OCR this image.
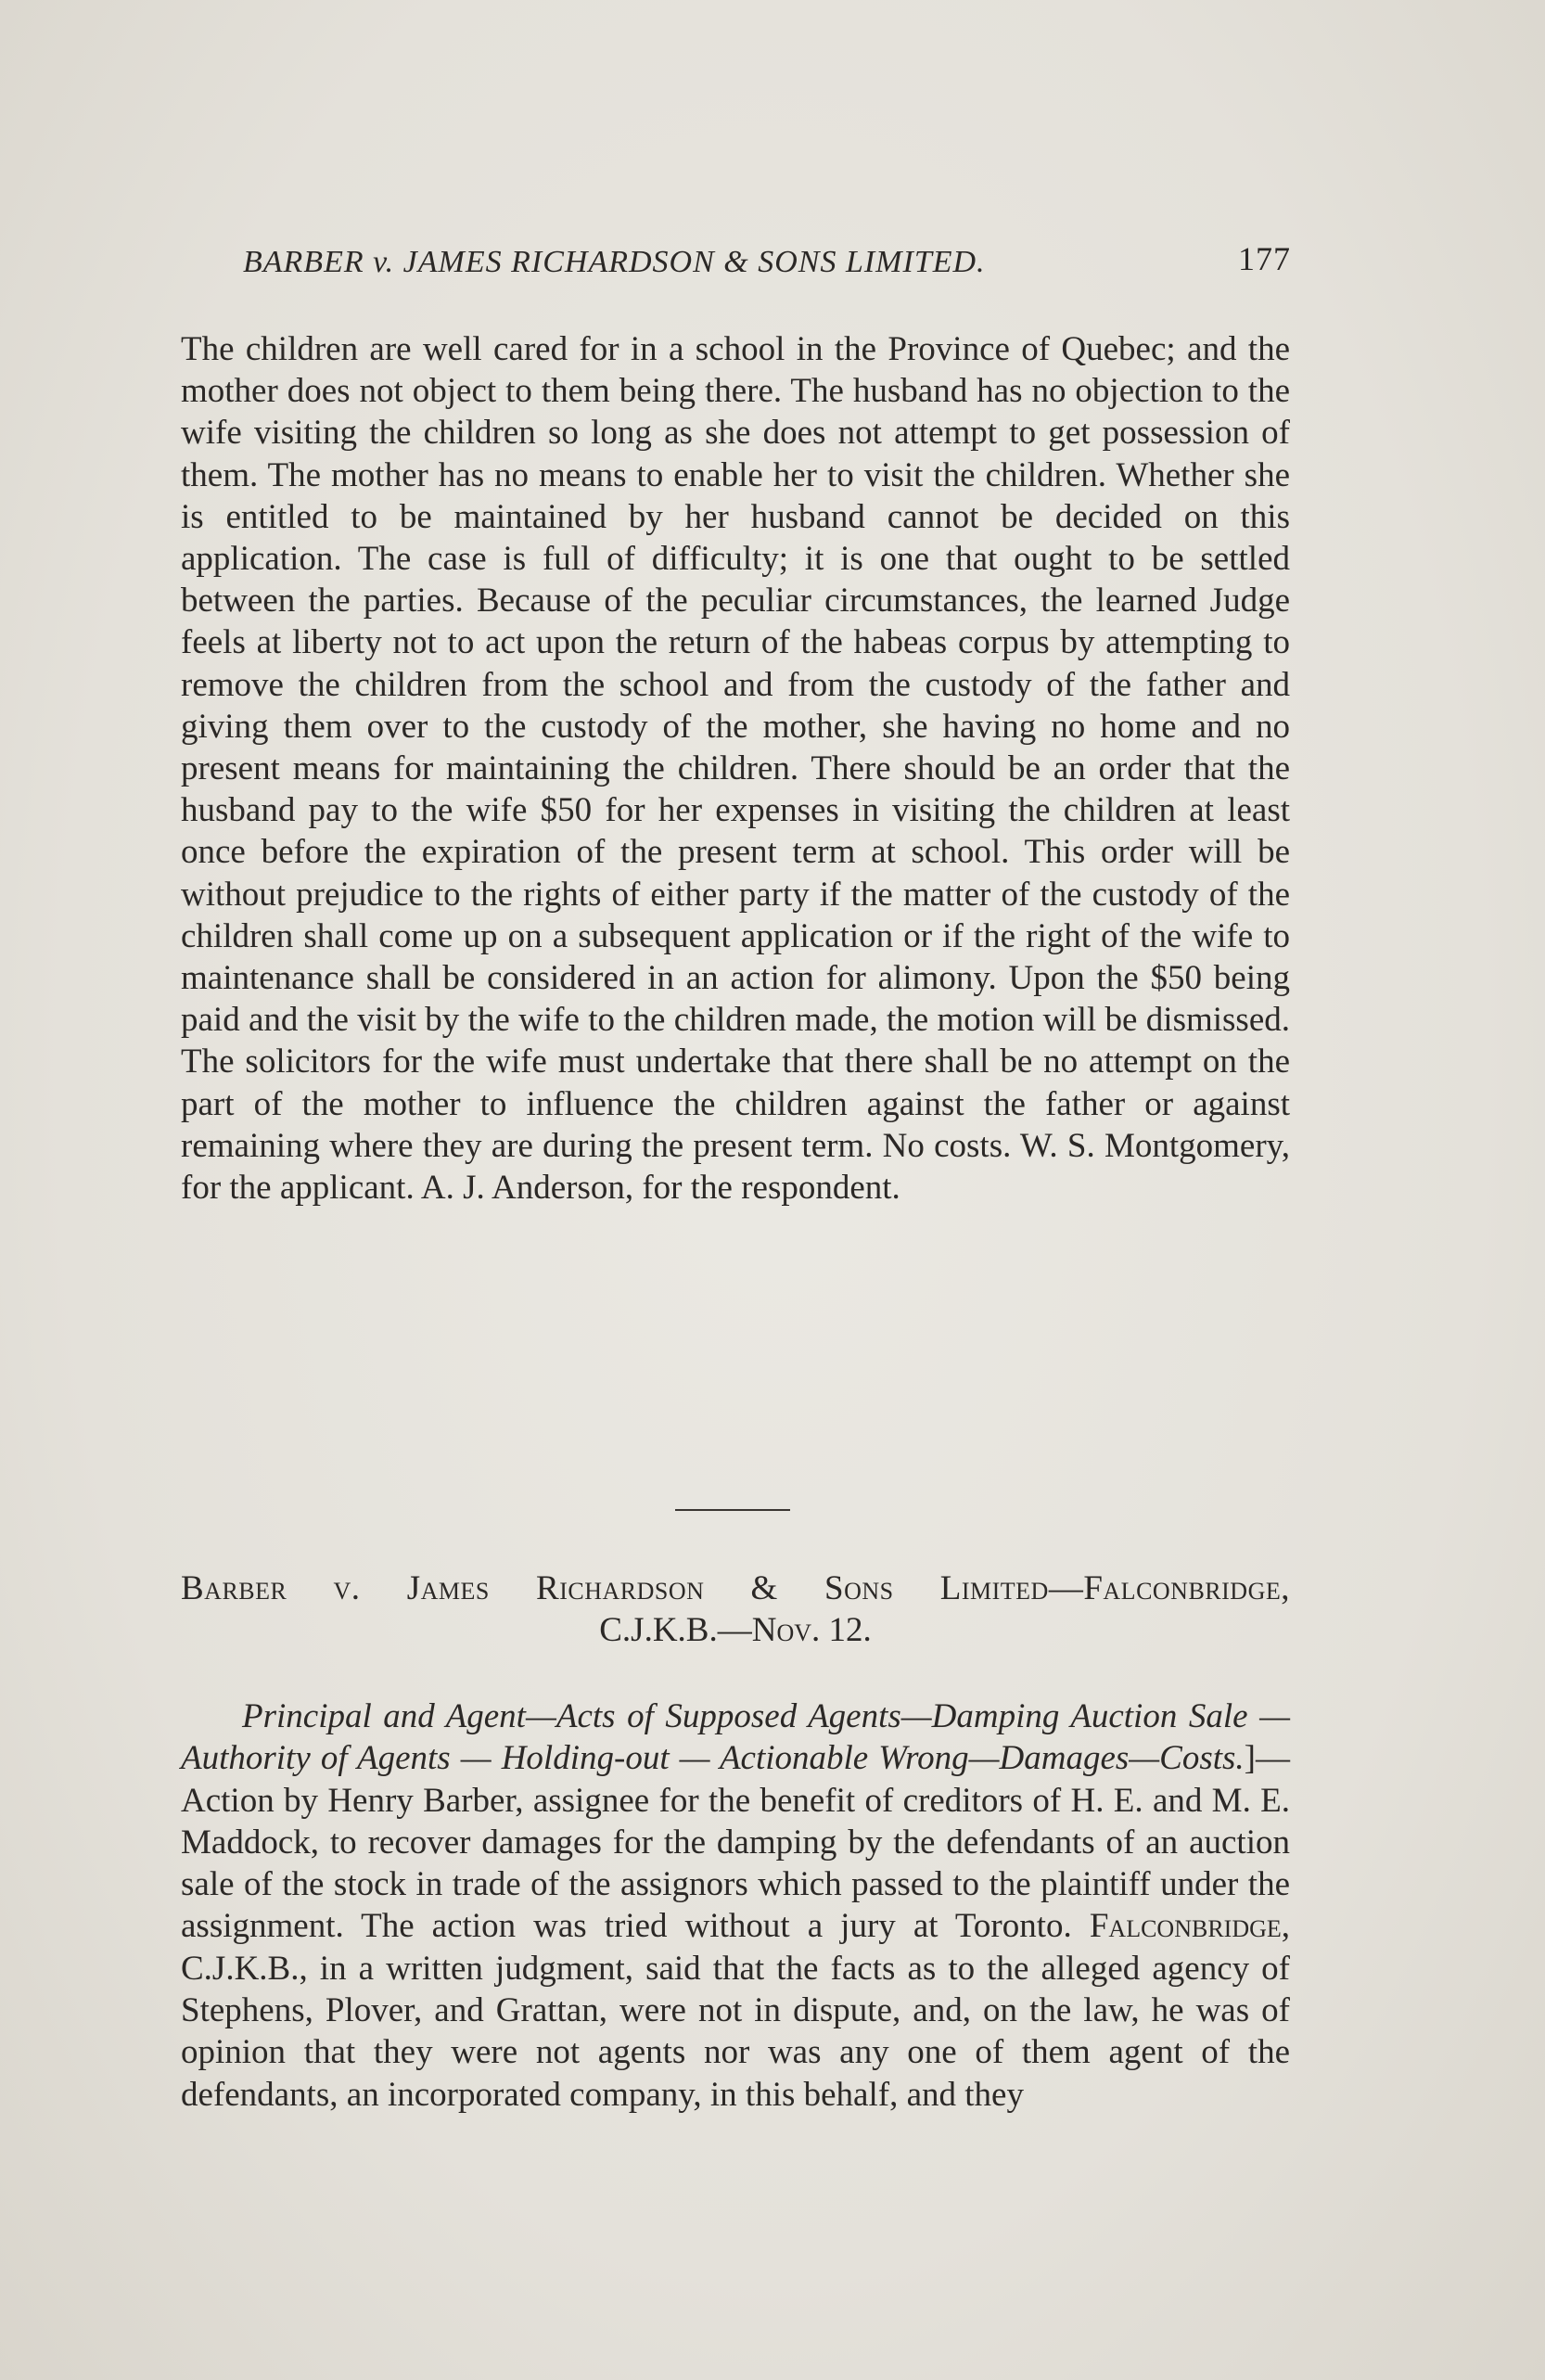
BARBER v. JAMES RICHARDSON & SONS LIMITED.	177

The children are well cared for in a school in the Province of Quebec; and the mother does not object to them being there. The husband has no objection to the wife visiting the children so long as she does not attempt to get possession of them. The mother has no means to enable her to visit the children. Whether she is entitled to be maintained by her husband cannot be decided on this application. The case is full of difficulty; it is one that ought to be settled between the parties. Because of the peculiar circumstances, the learned Judge feels at liberty not to act upon the return of the habeas corpus by attempting to remove the children from the school and from the custody of the father and giving them over to the custody of the mother, she having no home and no present means for maintaining the children. There should be an order that the husband pay to the wife $50 for her expenses in visiting the children at least once before the expiration of the present term at school. This order will be without prejudice to the rights of either party if the matter of the custody of the children shall come up on a subsequent application or if the right of the wife to maintenance shall be considered in an action for alimony. Upon the $50 being paid and the visit by the wife to the children made, the motion will be dismissed. The solicitors for the wife must undertake that there shall be no attempt on the part of the mother to influence the children against the father or against remaining where they are during the present term. No costs. W. S. Montgomery, for the applicant. A. J. Anderson, for the respondent.

Barber v. James Richardson & Sons Limited—Falconbridge,
C.J.K.B.—Nov. 12.

Principal and Agent—Acts of Supposed Agents—Damping Auction Sale — Authority of Agents — Holding-out — Actionable Wrong—Damages—Costs.]—Action by Henry Barber, assignee for the benefit of creditors of H. E. and M. E. Maddock, to recover damages for the damping by the defendants of an auction sale of the stock in trade of the assignors which passed to the plaintiff under the assignment. The action was tried without a jury at Toronto. Falconbridge, C.J.K.B., in a written judgment, said that the facts as to the alleged agency of Stephens, Plover, and Grattan, were not in dispute, and, on the law, he was of opinion that they were not agents nor was any one of them agent of the defendants, an incorporated company, in this behalf, and they
